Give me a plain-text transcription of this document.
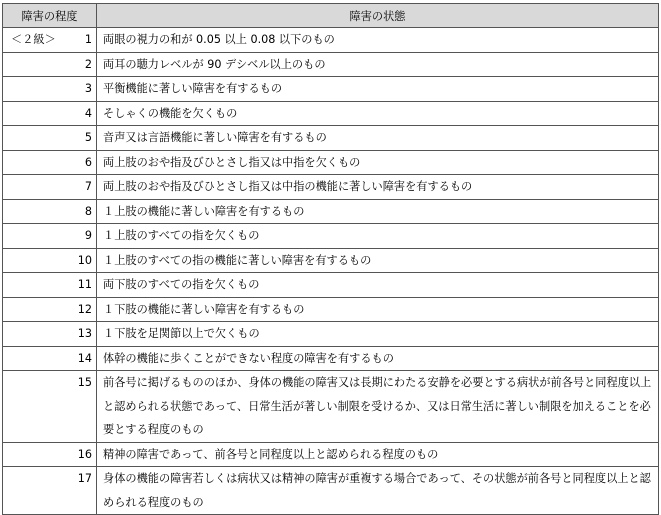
障害の程度	障害の状態

＜２級＞ 1	両眼の視力の和が 0.05 以上 0.08 以下のもの

2	両耳の聴力レベルが 90 デシベル以上のもの

3	平衡機能に著しい障害を有するもの

4	そしゃくの機能を欠くもの

5	音声又は言語機能に著しい障害を有するもの

6	両上肢のおや指及びひとさし指又は中指を欠くもの

7	両上肢のおや指及びひとさし指又は中指の機能に著しい障害を有するもの

8	１上肢の機能に著しい障害を有するもの

9	１上肢のすべての指を欠くもの

10	１上肢のすべての指の機能に著しい障害を有するもの

11	両下肢のすべての指を欠くもの

12	１下肢の機能に著しい障害を有するもの

13	１下肢を足関節以上で欠くもの

14	体幹の機能に歩くことができない程度の障害を有するもの

15	前各号に掲げるもののほか、身体の機能の障害又は長期にわたる安静を必要とする病状が前各号と同程度以上と認められる状態であって、日常生活が著しい制限を受けるか、又は日常生活に著しい制限を加えることを必要とする程度のもの

16	精神の障害であって、前各号と同程度以上と認められる程度のもの

17	身体の機能の障害若しくは病状又は精神の障害が重複する場合であって、その状態が前各号と同程度以上と認められる程度のもの
